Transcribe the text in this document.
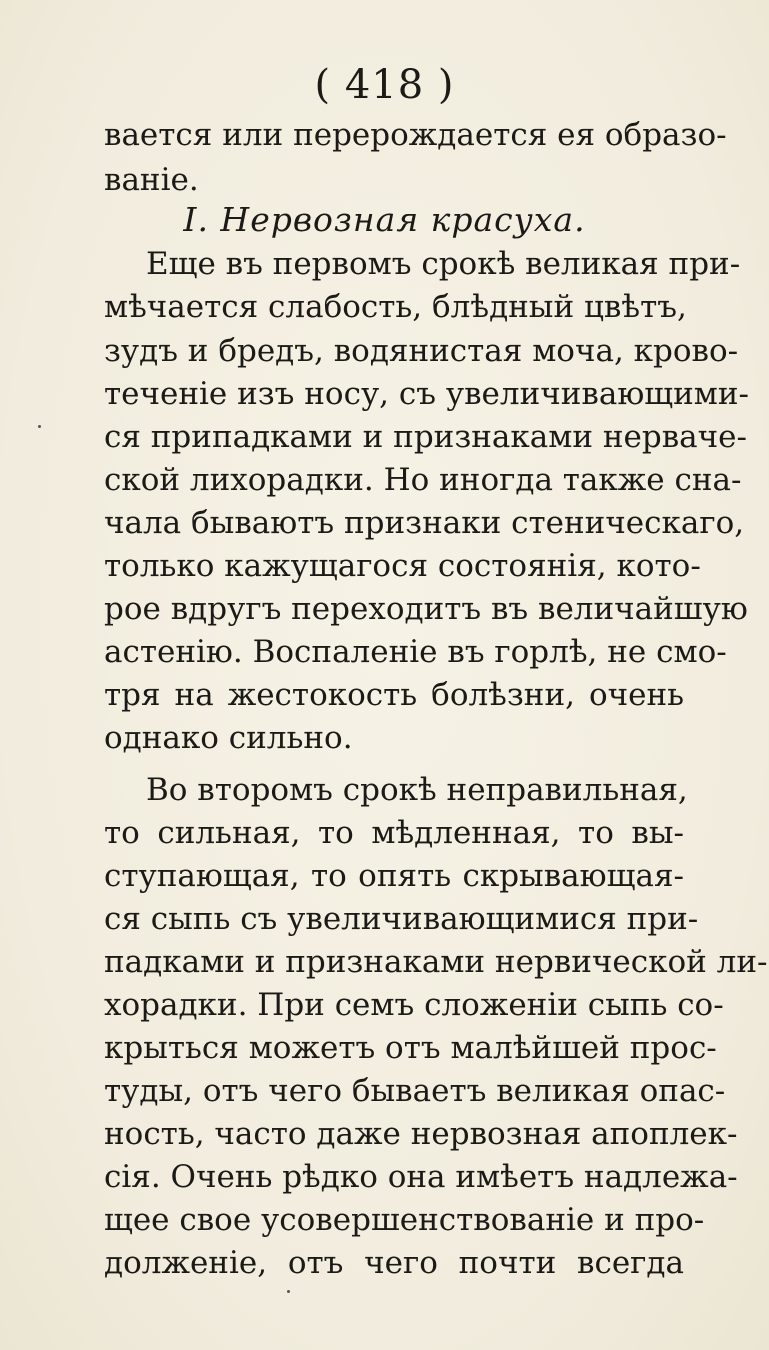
( 418 )
вается или перерождается ея образо-
ваніе.
I. Нервозная красуха.
Еще въ первомъ срокѣ великая при-
мѣчается слабость, блѣдный цвѣтъ,
зудъ и бредъ, водянистая моча, крово-
теченіе изъ носу, съ увеличивающими-
ся припадками и признаками нерваче-
ской лихорадки. Но иногда также сна-
чала бываютъ признаки стеническаго,
только кажущагося состоянія, кото-
рое вдругъ переходитъ въ величайшую
астенію. Воспаленіе въ горлѣ, не смо-
тря на жестокость болѣзни, очень
однако сильно.
Во второмъ срокѣ неправильная,
то сильная, то мѣдленная, то вы-
ступающая, то опять скрывающая-
ся сыпь съ увеличивающимися при-
падками и признаками нервической ли-
хорадки. При семъ сложеніи сыпь со-
крыться можетъ отъ малѣйшей прос-
туды, отъ чего бываетъ великая опас-
ность, часто даже нервозная апоплек-
сія. Очень рѣдко она имѣетъ надлежа-
щее свое усовершенствованіе и про-
долженіе, отъ чего почти всегда
